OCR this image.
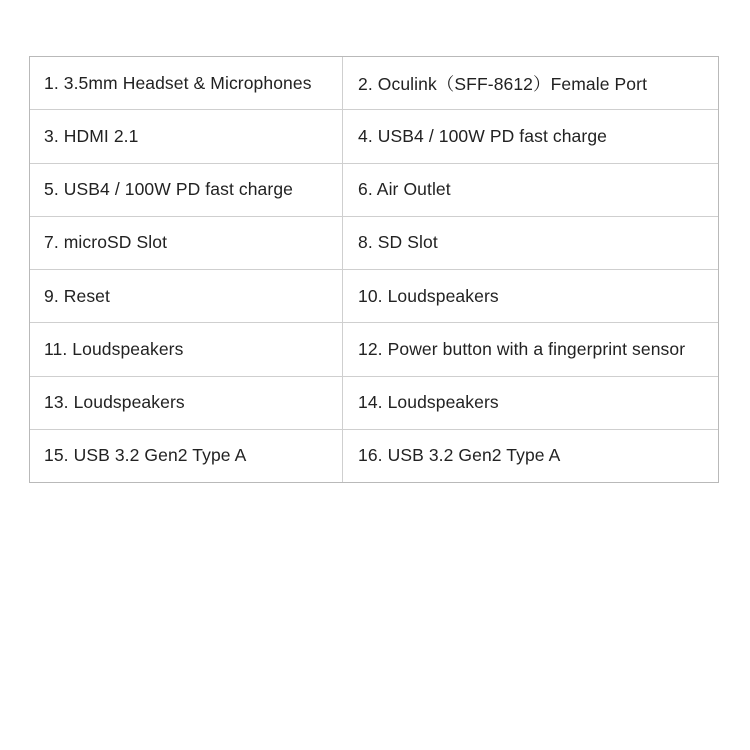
1. 3.5mm Headset & Microphones	2. Oculink（SFF-8612）Female Port
3. HDMI 2.1	4. USB4 / 100W PD fast charge
5. USB4 / 100W PD fast charge	6. Air Outlet
7. microSD Slot	8. SD Slot
9. Reset	10. Loudspeakers
11. Loudspeakers	12. Power button with a fingerprint sensor
13. Loudspeakers	14. Loudspeakers
15. USB 3.2 Gen2 Type A	16. USB 3.2 Gen2 Type A
